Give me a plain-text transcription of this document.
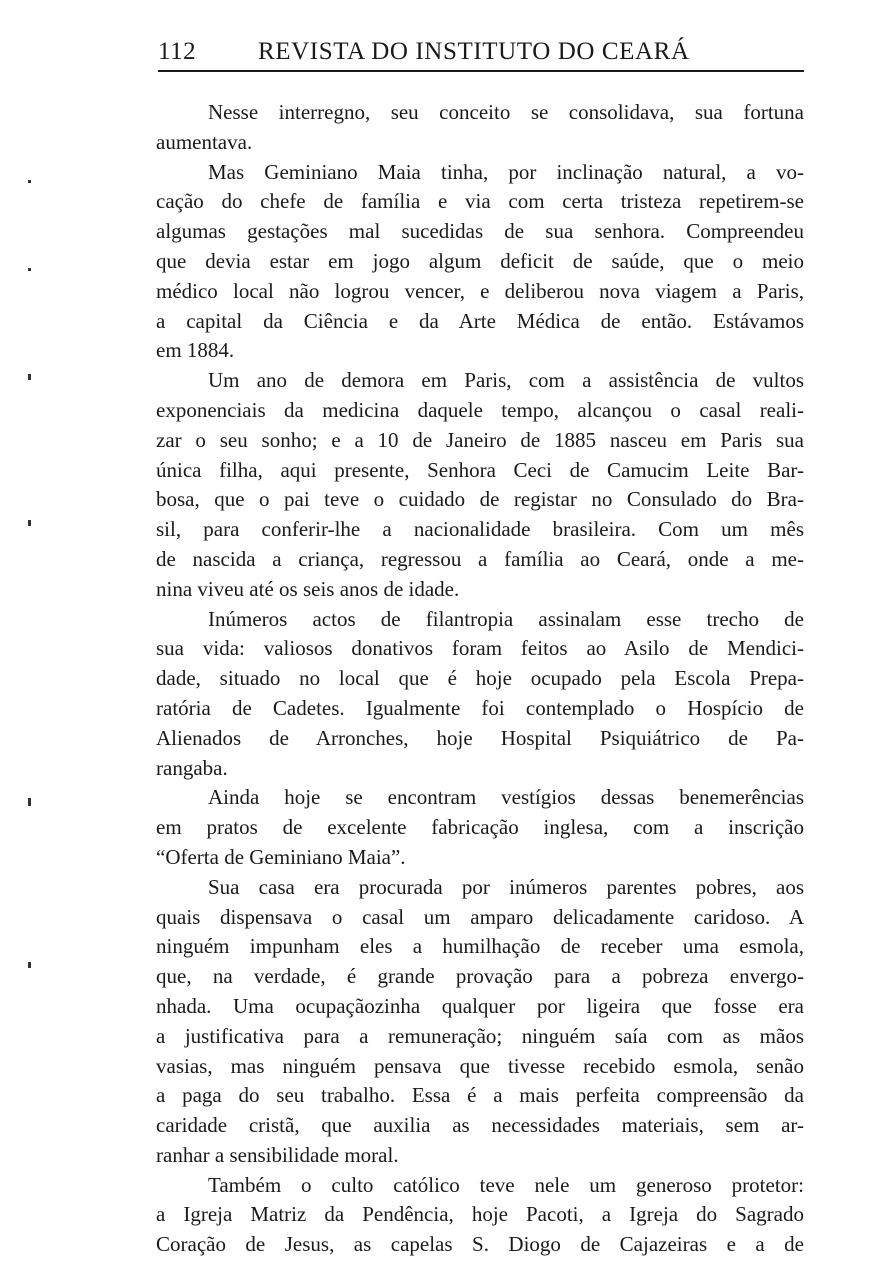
112 REVISTA DO INSTITUTO DO CEARÁ
Nesse interregno, seu conceito se consolidava, sua fortuna
aumentava.
Mas Geminiano Maia tinha, por inclinação natural, a vo-
cação do chefe de família e via com certa tristeza repetirem-se
algumas gestações mal sucedidas de sua senhora. Compreendeu
que devia estar em jogo algum deficit de saúde, que o meio
médico local não logrou vencer, e deliberou nova viagem a Paris,
a capital da Ciência e da Arte Médica de então. Estávamos
em 1884.
Um ano de demora em Paris, com a assistência de vultos
exponenciais da medicina daquele tempo, alcançou o casal reali-
zar o seu sonho; e a 10 de Janeiro de 1885 nasceu em Paris sua
única filha, aqui presente, Senhora Ceci de Camucim Leite Bar-
bosa, que o pai teve o cuidado de registar no Consulado do Bra-
sil, para conferir-lhe a nacionalidade brasileira. Com um mês
de nascida a criança, regressou a família ao Ceará, onde a me-
nina viveu até os seis anos de idade.
Inúmeros actos de filantropia assinalam esse trecho de
sua vida: valiosos donativos foram feitos ao Asilo de Mendici-
dade, situado no local que é hoje ocupado pela Escola Prepa-
ratória de Cadetes. Igualmente foi contemplado o Hospício de
Alienados de Arronches, hoje Hospital Psiquiátrico de Pa-
rangaba.
Ainda hoje se encontram vestígios dessas benemerências
em pratos de excelente fabricação inglesa, com a inscrição
“Oferta de Geminiano Maia”.
Sua casa era procurada por inúmeros parentes pobres, aos
quais dispensava o casal um amparo delicadamente caridoso. A
ninguém impunham eles a humilhação de receber uma esmola,
que, na verdade, é grande provação para a pobreza envergo-
nhada. Uma ocupaçãozinha qualquer por ligeira que fosse era
a justificativa para a remuneração; ninguém saía com as mãos
vasias, mas ninguém pensava que tivesse recebido esmola, senão
a paga do seu trabalho. Essa é a mais perfeita compreensão da
caridade cristã, que auxilia as necessidades materiais, sem ar-
ranhar a sensibilidade moral.
Também o culto católico teve nele um generoso protetor:
a Igreja Matriz da Pendência, hoje Pacoti, a Igreja do Sagrado
Coração de Jesus, as capelas S. Diogo de Cajazeiras e a de
